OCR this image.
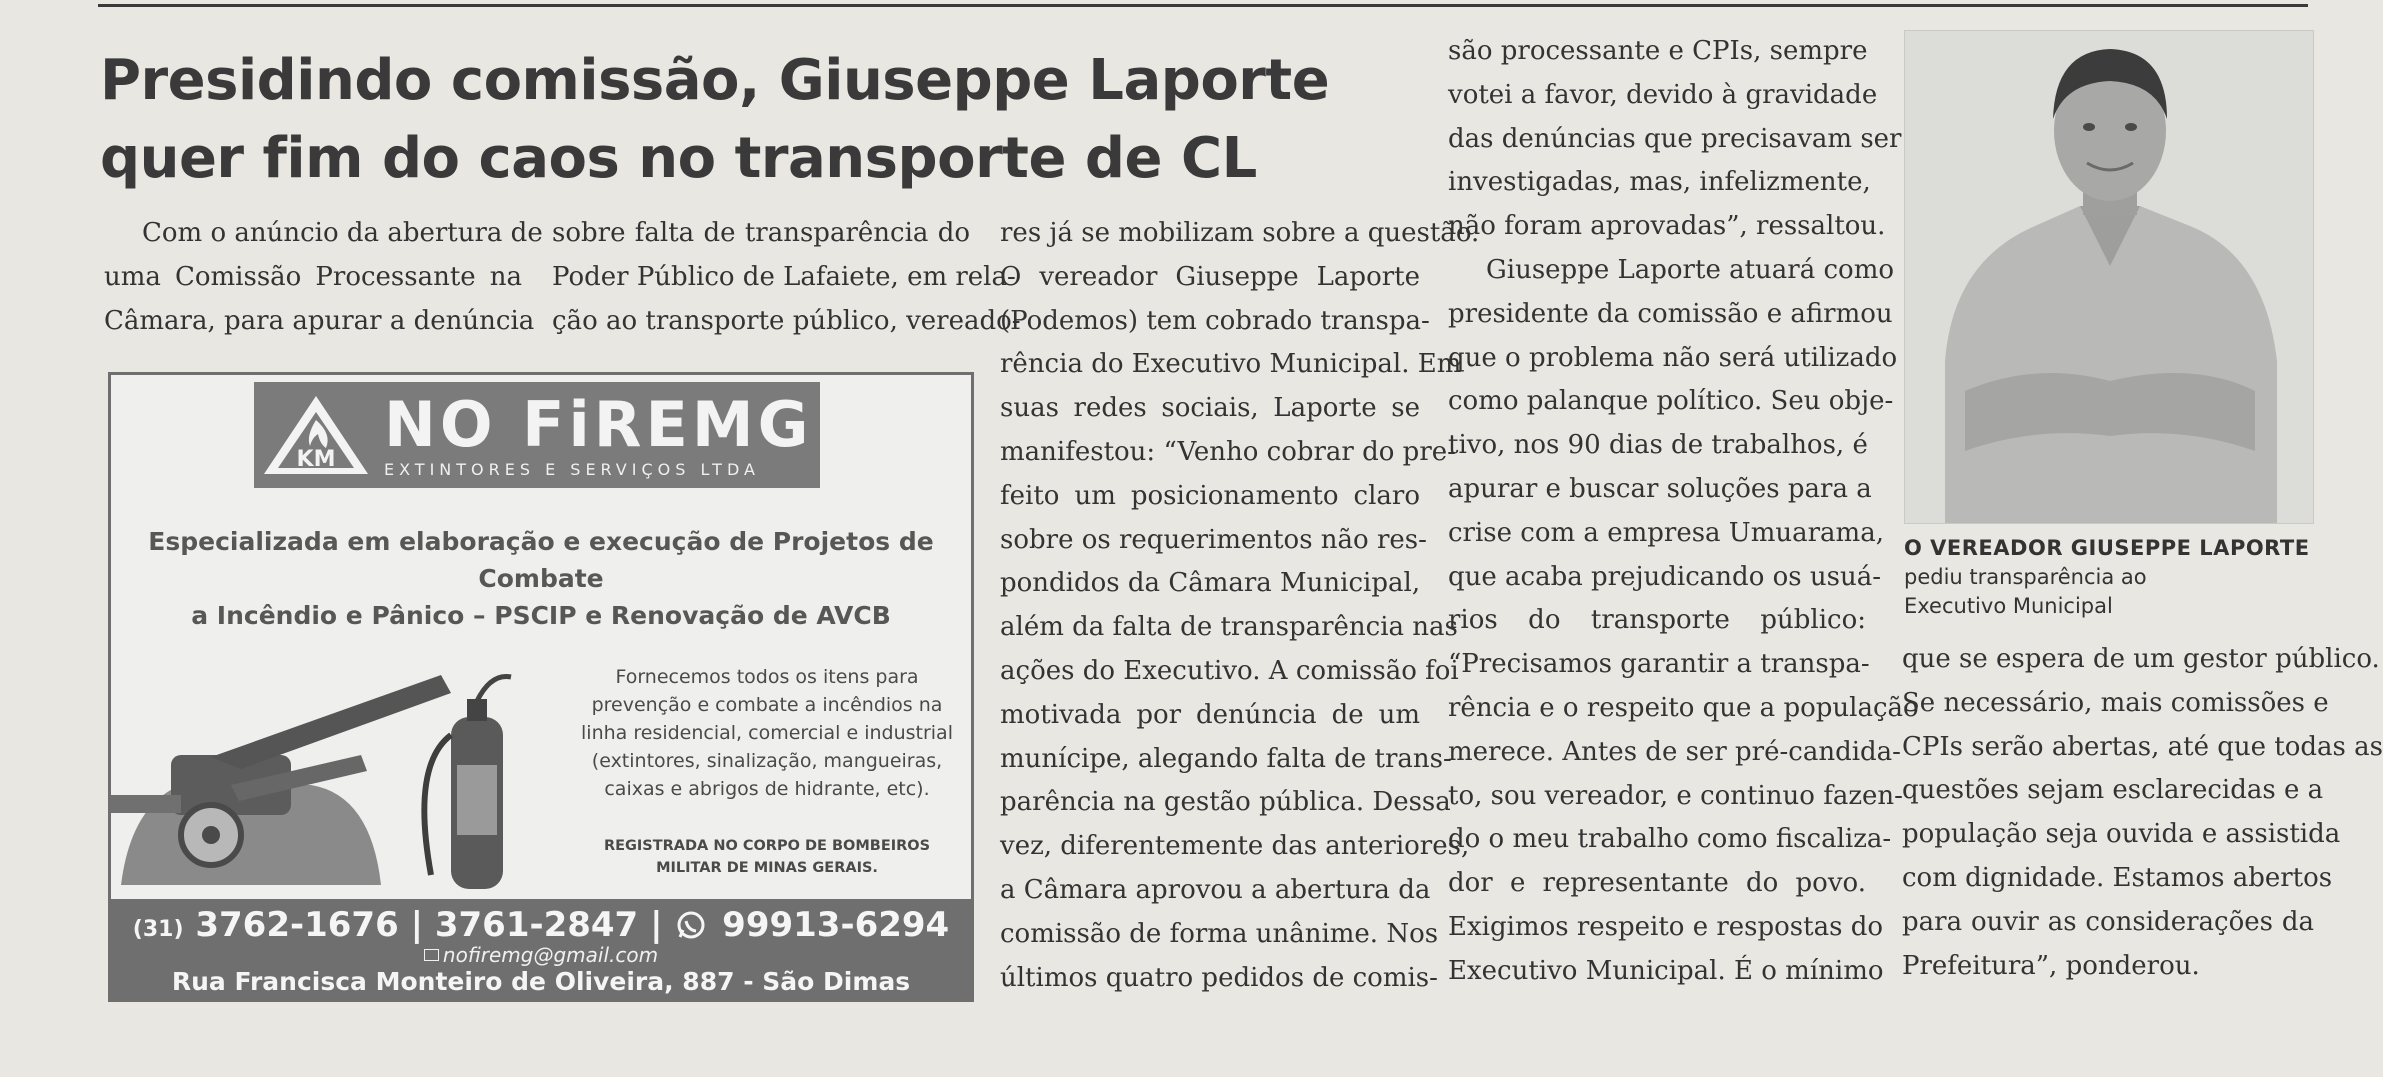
Presidindo comissão, Giuseppe Laporte
quer fim do caos no transporte de CL
Com o anúncio da abertura de
uma Comissão Processante na
Câmara, para apurar a denúncia
sobre falta de transparência do
Poder Público de Lafaiete, em rela-
ção ao transporte público, vereado-
res já se mobilizam sobre a questão.
O vereador Giuseppe Laporte
(Podemos) tem cobrado transpa-
rência do Executivo Municipal. Em
suas redes sociais, Laporte se
manifestou: “Venho cobrar do pre-
feito um posicionamento claro
sobre os requerimentos não res-
pondidos da Câmara Municipal,
além da falta de transparência nas
ações do Executivo. A comissão foi
motivada por denúncia de um
munícipe, alegando falta de trans-
parência na gestão pública. Dessa
vez, diferentemente das anteriores,
a Câmara aprovou a abertura da
comissão de forma unânime. Nos
últimos quatro pedidos de comis-
são processante e CPIs, sempre
votei a favor, devido à gravidade
das denúncias que precisavam ser
investigadas, mas, infelizmente,
não foram aprovadas”, ressaltou.
Giuseppe Laporte atuará como
presidente da comissão e afirmou
que o problema não será utilizado
como palanque político. Seu obje-
tivo, nos 90 dias de trabalhos, é
apurar e buscar soluções para a
crise com a empresa Umuarama,
que acaba prejudicando os usuá-
rios do transporte público:
“Precisamos garantir a transpa-
rência e o respeito que a população
merece. Antes de ser pré-candida-
to, sou vereador, e continuo fazen-
do o meu trabalho como fiscaliza-
dor e representante do povo.
Exigimos respeito e respostas do
Executivo Municipal. É o mínimo
O VEREADOR GIUSEPPE LAPORTE
pediu transparência ao
Executivo Municipal
que se espera de um gestor público.
Se necessário, mais comissões e
CPIs serão abertas, até que todas as
questões sejam esclarecidas e a
população seja ouvida e assistida
com dignidade. Estamos abertos
para ouvir as considerações da
Prefeitura”, ponderou.
KM NO FiREMG
EXTINTORES E SERVIÇOS LTDA
Especializada em elaboração e execução de Projetos de Combate
a Incêndio e Pânico – PSCIP e Renovação de AVCB
Fornecemos todos os itens para prevenção e combate a incêndios na linha residencial, comercial e industrial (extintores, sinalização, mangueiras, caixas e abrigos de hidrante, etc).
REGISTRADA NO CORPO DE BOMBEIROS
MILITAR DE MINAS GERAIS.
(31) 3762-1676 | 3761-2847 |  99913-6294
nofiremg@gmail.com
Rua Francisca Monteiro de Oliveira, 887 - São Dimas
